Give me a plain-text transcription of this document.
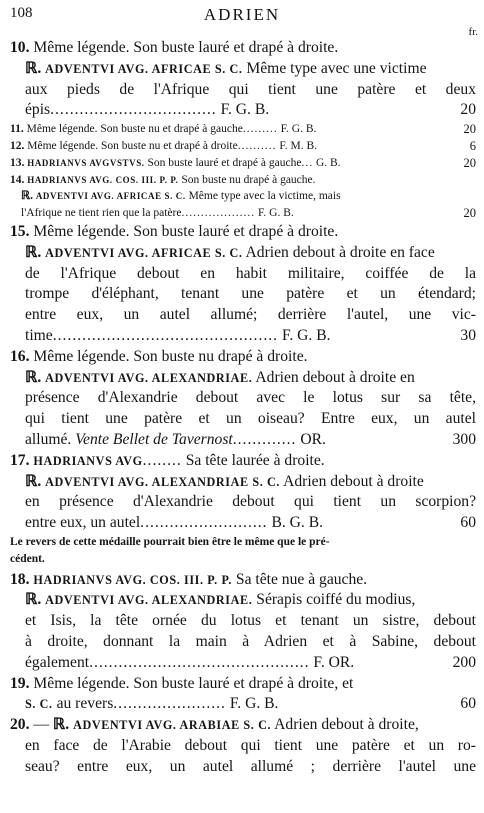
108	ADRIEN
fr.
10. Même légende. Son buste lauré et drapé à droite.
ℝ. ADVENTVI AVG. AFRICAE S. C. Même type avec une victime
aux pieds de l'Afrique qui tient une patère et deux
épis.................................. F. G. B.	20
11. Même légende. Son buste nu et drapé à gauche......... F. G. B.	20
12. Même légende. Son buste nu et drapé à droite.......... F. M. B.	6
13. HADRIANVS AVGVSTVS. Son buste lauré et drapé à gauche... G. B.	20
14. HADRIANVS AVG. COS. III. P. P. Son buste nu drapé à gauche.
ℝ. ADVENTVI AVG. AFRICAE S. C. Même type avec la victime, mais
l'Afrique ne tient rien que la patère................... F. G. B.	20
15. Même légende. Son buste lauré et drapé à droite.
ℝ. ADVENTVI AVG. AFRICAE S. C. Adrien debout à droite en face
de l'Afrique debout en habit militaire, coiffée de la
trompe d'éléphant, tenant une patère et un étendard;
entre eux, un autel allumé; derrière l'autel, une vic-
time.............................................. F. G. B.	30
16. Même légende. Son buste nu drapé à droite.
ℝ. ADVENTVI AVG. ALEXANDRIAE. Adrien debout à droite en
présence d'Alexandrie debout avec le lotus sur sa tête,
qui tient une patère et un oiseau? Entre eux, un autel
allumé. Vente Bellet de Tavernost............. OR.	300
17. HADRIANVS AVG........ Sa tête laurée à droite.
ℝ. ADVENTVI AVG. ALEXANDRIAE S. C. Adrien debout à droite
en présence d'Alexandrie debout qui tient un scorpion?
entre eux, un autel.......................... B. G. B.	60
Le revers de cette médaille pourrait bien être le même que le pré-
cédent.
18. HADRIANVS AVG. COS. III. P. P. Sa tête nue à gauche.
ℝ. ADVENTVI AVG. ALEXANDRIAE. Sérapis coiffé du modius,
et Isis, la tête ornée du lotus et tenant un sistre, debout
à droite, donnant la main à Adrien et à Sabine, debout
également............................................. F. OR.	200
19. Même légende. Son buste lauré et drapé à droite, et
S. C. au revers....................... F. G. B.	60
20. — ℝ. ADVENTVI AVG. ARABIAE S. C. Adrien debout à droite,
en face de l'Arabie debout qui tient une patère et un ro-
seau? entre eux, un autel allumé ; derrière l'autel une
